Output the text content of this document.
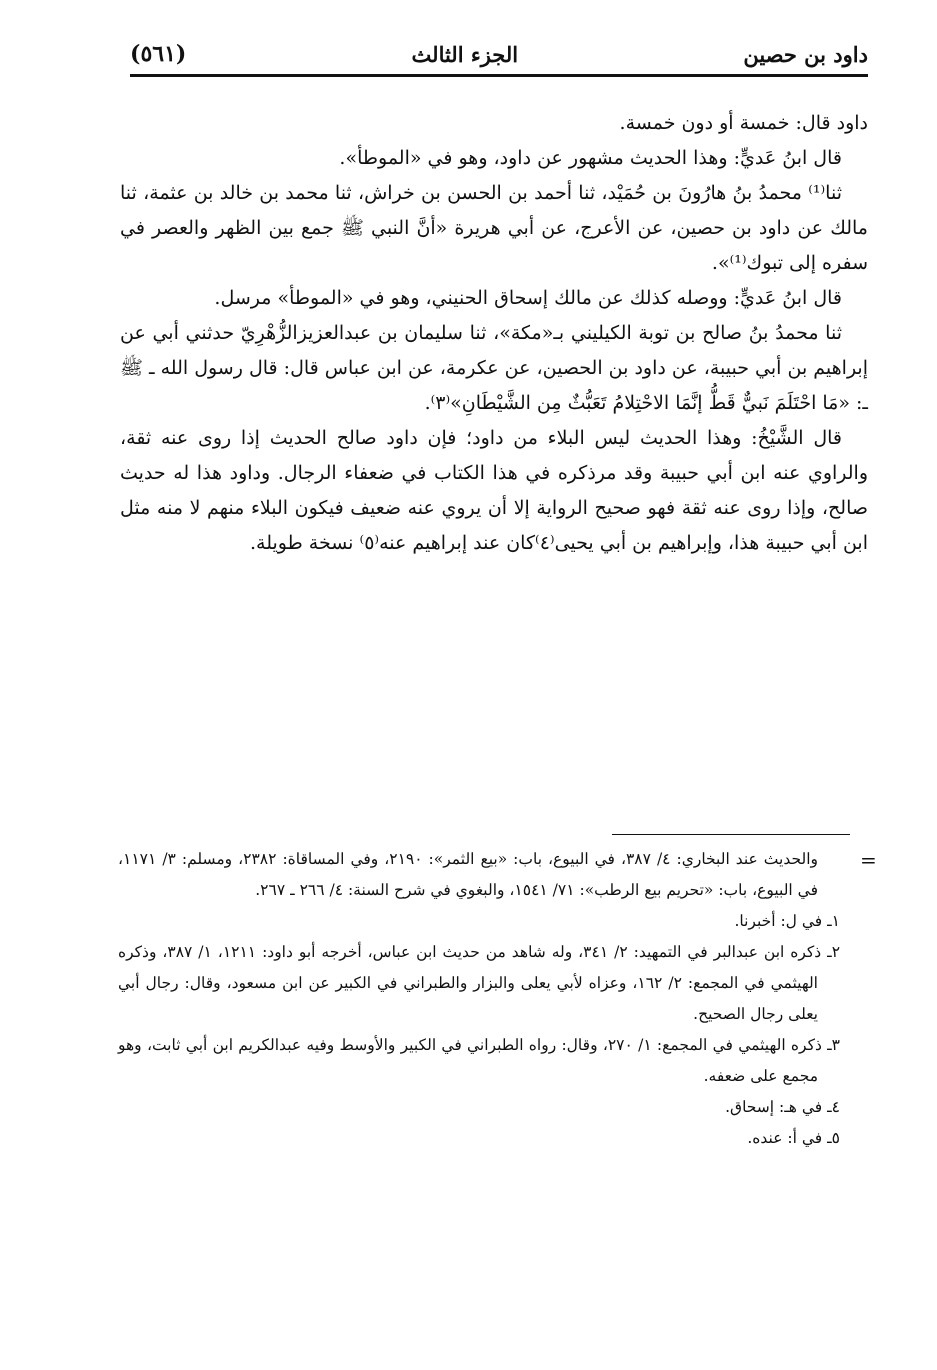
داود بن حصين
الجزء الثالث
(٥٦١)

داود قال: خمسة أو دون خمسة.

قال ابنُ عَديٍّ: وهذا الحديث مشهور عن داود، وهو في «الموطأ».

ثنا⁽¹⁾ محمدُ بنُ هارُونَ بن حُمَيْد، ثنا أحمد بن الحسن بن خراش، ثنا محمد بن خالد بن عثمة، ثنا مالك عن داود بن حصين، عن الأعرج، عن أبي هريرة «أنَّ النبي ﷺ جمع بين الظهر والعصر في سفره إلى تبوك⁽¹⁾».

قال ابنُ عَديٍّ: ووصله كذلك عن مالك إسحاق الحنيني، وهو في «الموطأ» مرسل.

ثنا محمدُ بنُ صالح بن توبة الكيليني بـ«مكة»، ثنا سليمان بن عبدالعزيزالزُّهْرِيّ حدثني أبي عن إبراهيم بن أبي حبيبة، عن داود بن الحصين، عن عكرمة، عن ابن عباس قال: قال رسول الله ـ ﷺ ـ: «مَا احْتَلَمَ نَبيٌّ قَطُّ إنَّمَا الاحْتِلامُ تَعَبُّثٌ مِن الشَّيْطَانِ»⁽٣⁾.

قال الشَّيْخُ: وهذا الحديث ليس البلاء من داود؛ فإن داود صالح الحديث إذا روى عنه ثقة، والراوي عنه ابن أبي حبيبة وقد مرذكره في هذا الكتاب في ضعفاء الرجال. وداود هذا له حديث صالح، وإذا روى عنه ثقة فهو صحيح الرواية إلا أن يروي عنه ضعيف فيكون البلاء منهم لا منه مثل ابن أبي حبيبة هذا، وإبراهيم بن أبي يحيى⁽٤⁾كان عند إبراهيم عنه⁽٥⁾ نسخة طويلة.

=

والحديث عند البخاري: ٤/ ٣٨٧، في البيوع، باب: «بيع الثمر»: ٢١٩٠، وفي المساقاة: ٢٣٨٢، ومسلم: ٣/ ١١٧١، في البيوع، باب: «تحريم بيع الرطب»: ٧١/ ١٥٤١، والبغوي في شرح السنة: ٤/ ٢٦٦ ـ ٢٦٧.

١ـ في ل: أخبرنا.

٢ـ ذكره ابن عبدالبر في التمهيد: ٢/ ٣٤١، وله شاهد من حديث ابن عباس، أخرجه أبو داود: ١٢١١، ١/ ٣٨٧، وذكره الهيثمي في المجمع: ٢/ ١٦٢، وعزاه لأبي يعلى والبزار والطبراني في الكبير عن ابن مسعود، وقال: رجال أبي يعلى رجال الصحيح.

٣ـ ذكره الهيثمي في المجمع: ١/ ٢٧٠، وقال: رواه الطبراني في الكبير والأوسط وفيه عبدالكريم ابن أبي ثابت، وهو مجمع على ضعفه.

٤ـ في هـ: إسحاق.

٥ـ في أ: عنده.
